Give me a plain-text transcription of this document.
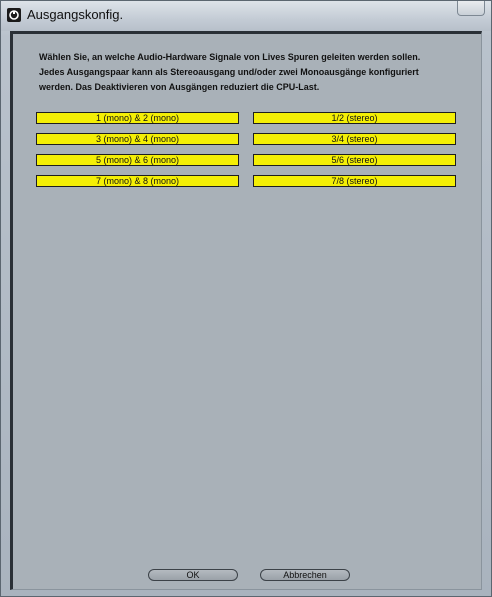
Ausgangskonfig.
Wählen Sie, an welche Audio-Hardware Signale von Lives Spuren geleiten werden sollen.
Jedes Ausgangspaar kann als Stereoausgang und/oder zwei Monoausgänge konfiguriert
werden. Das Deaktivieren von Ausgängen reduziert die CPU-Last.
1 (mono) & 2 (mono)
3 (mono) & 4 (mono)
5 (mono) & 6 (mono)
7 (mono) & 8 (mono)
1/2 (stereo)
3/4 (stereo)
5/6 (stereo)
7/8 (stereo)
OK	Abbrechen
